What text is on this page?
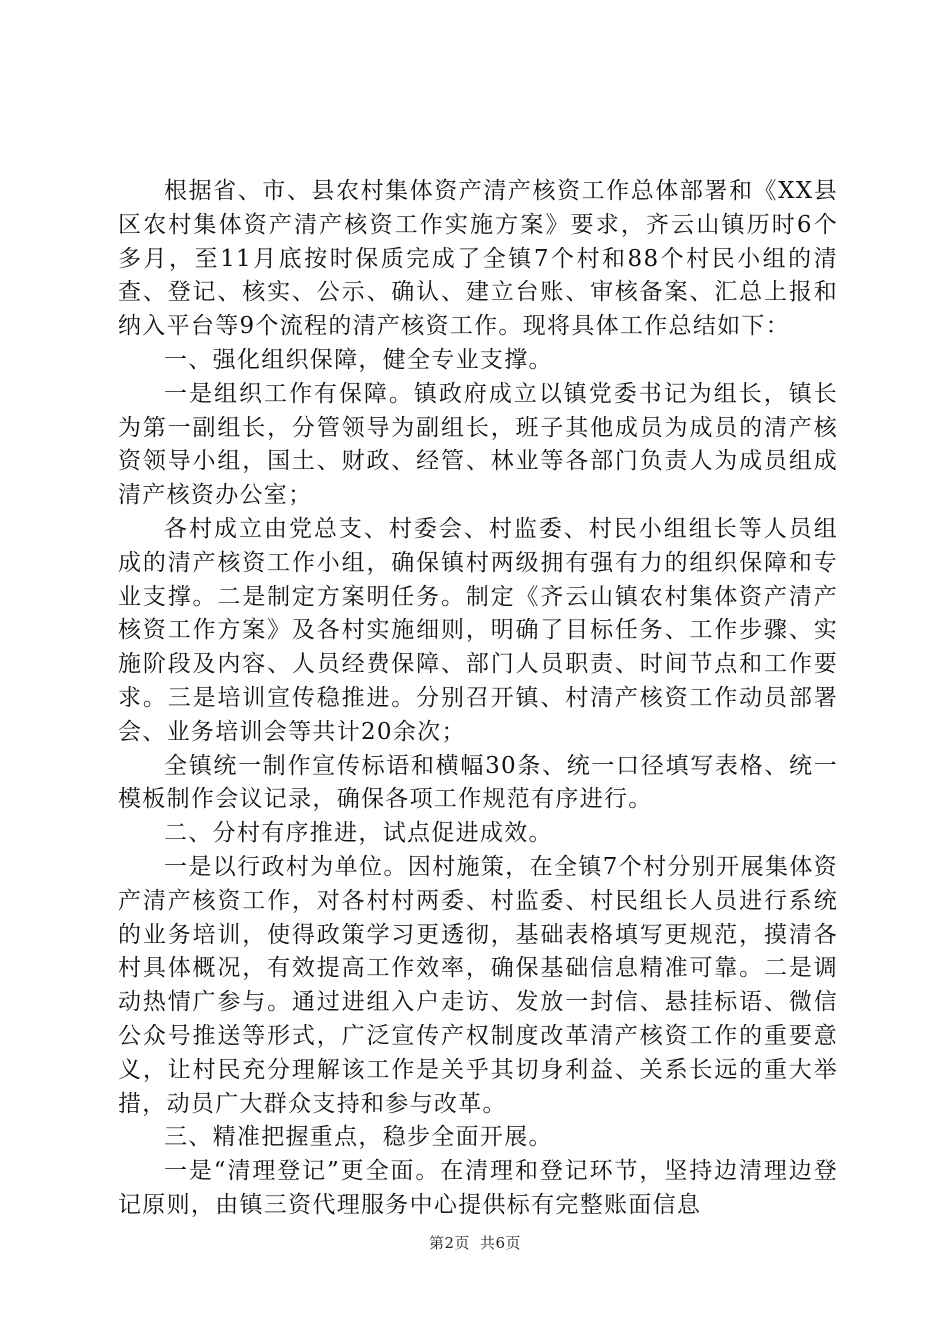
根据省、市、县农村集体资产清产核资工作总体部署和《XX县区农村集体资产清产核资工作实施方案》要求，齐云山镇历时6个多月，至11月底按时保质完成了全镇7个村和88个村民小组的清查、登记、核实、公示、确认、建立台账、审核备案、汇总上报和纳入平台等9个流程的清产核资工作。现将具体工作总结如下：

一、强化组织保障，健全专业支撑。

一是组织工作有保障。镇政府成立以镇党委书记为组长，镇长为第一副组长，分管领导为副组长，班子其他成员为成员的清产核资领导小组，国土、财政、经管、林业等各部门负责人为成员组成清产核资办公室；

各村成立由党总支、村委会、村监委、村民小组组长等人员组成的清产核资工作小组，确保镇村两级拥有强有力的组织保障和专业支撑。二是制定方案明任务。制定《齐云山镇农村集体资产清产核资工作方案》及各村实施细则，明确了目标任务、工作步骤、实施阶段及内容、人员经费保障、部门人员职责、时间节点和工作要求。三是培训宣传稳推进。分别召开镇、村清产核资工作动员部署会、业务培训会等共计20余次；

全镇统一制作宣传标语和横幅30条、统一口径填写表格、统一模板制作会议记录，确保各项工作规范有序进行。

二、分村有序推进，试点促进成效。

一是以行政村为单位。因村施策，在全镇7个村分别开展集体资产清产核资工作，对各村村两委、村监委、村民组长人员进行系统的业务培训，使得政策学习更透彻，基础表格填写更规范，摸清各村具体概况，有效提高工作效率，确保基础信息精准可靠。二是调动热情广参与。通过进组入户走访、发放一封信、悬挂标语、微信公众号推送等形式，广泛宣传产权制度改革清产核资工作的重要意义，让村民充分理解该工作是关乎其切身利益、关系长远的重大举措，动员广大群众支持和参与改革。

三、精准把握重点，稳步全面开展。

一是“清理登记”更全面。在清理和登记环节，坚持边清理边登记原则，由镇三资代理服务中心提供标有完整账面信息

第2页 共6页
